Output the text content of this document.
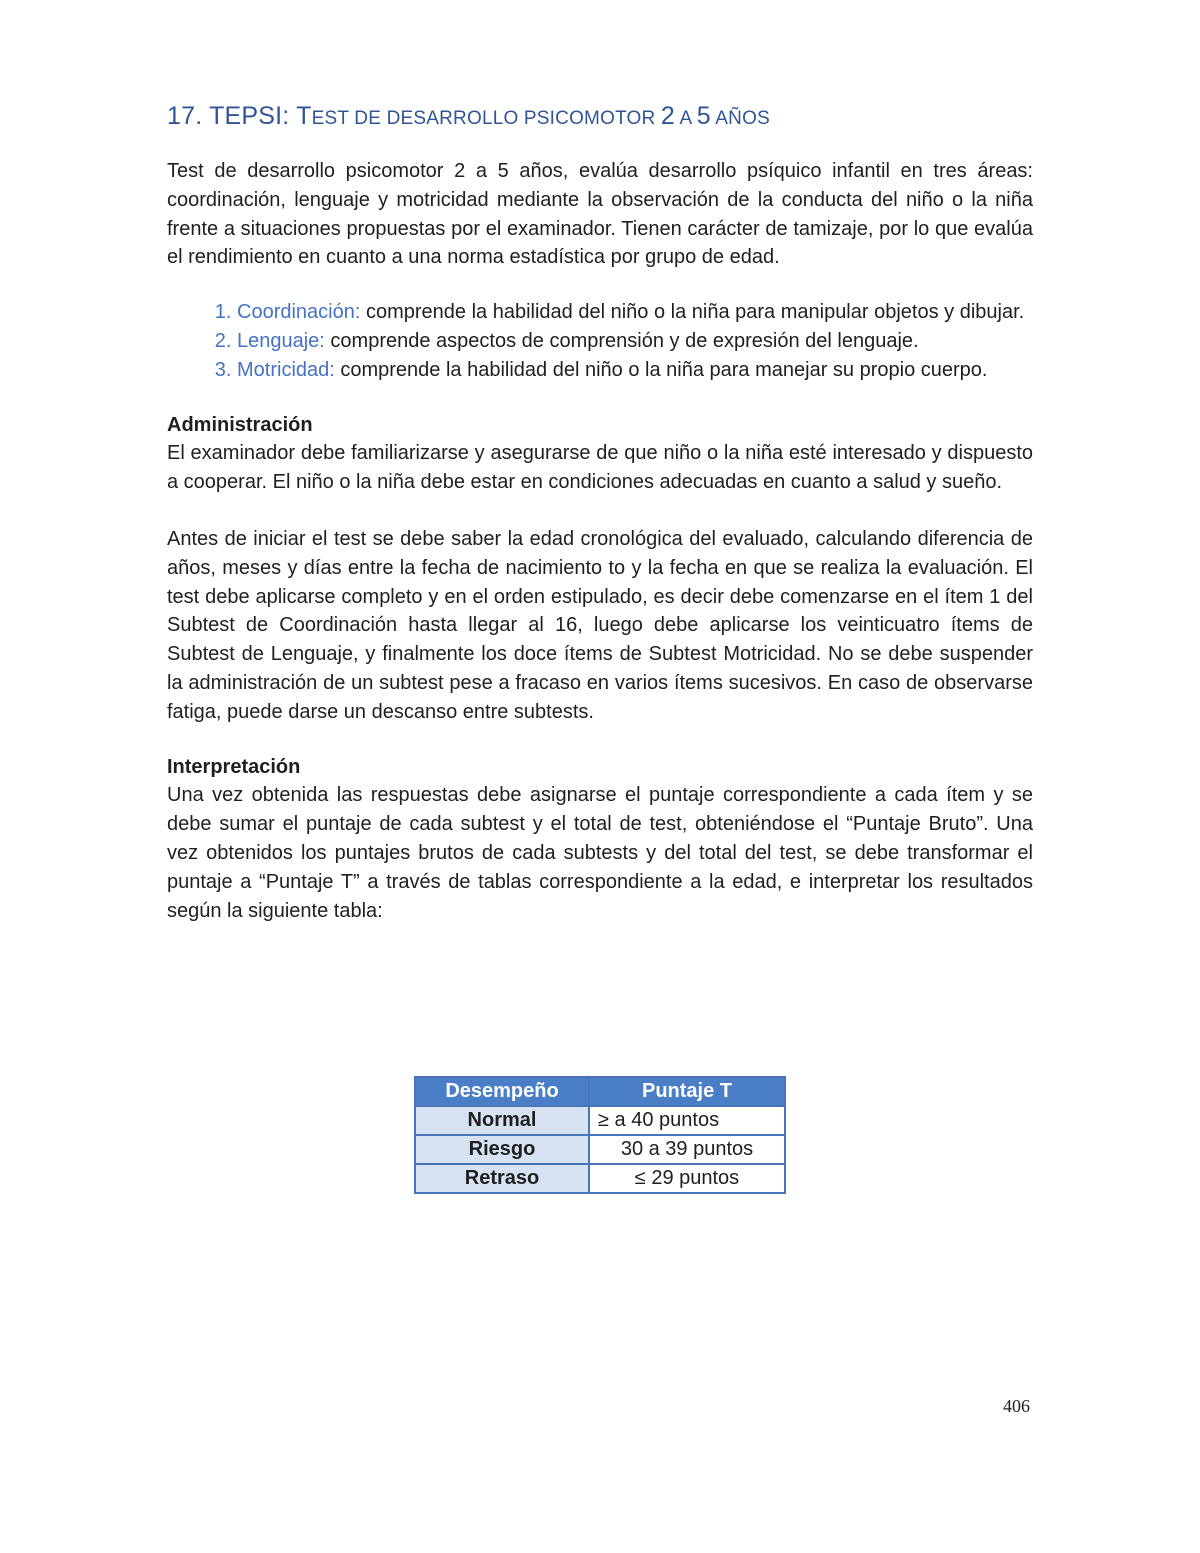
17. TEPSI: TEST DE DESARROLLO PSICOMOTOR 2 A 5 AÑOS

Test de desarrollo psicomotor 2 a 5 años, evalúa desarrollo psíquico infantil en tres áreas: coordinación, lenguaje y motricidad mediante la observación de la conducta del niño o la niña frente a situaciones propuestas por el examinador. Tienen carácter de tamizaje, por lo que evalúa el rendimiento en cuanto a una norma estadística por grupo de edad.

1. Coordinación: comprende la habilidad del niño o la niña para manipular objetos y dibujar.
2. Lenguaje: comprende aspectos de comprensión y de expresión del lenguaje.
3. Motricidad: comprende la habilidad del niño o la niña para manejar su propio cuerpo.
Administración

El examinador debe familiarizarse y asegurarse de que niño o la niña esté interesado y dispuesto a cooperar. El niño o la niña debe estar en condiciones adecuadas en cuanto a salud y sueño.

Antes de iniciar el test se debe saber la edad cronológica del evaluado, calculando diferencia de años, meses y días entre la fecha de nacimiento to y la fecha en que se realiza la evaluación. El test debe aplicarse completo y en el orden estipulado, es decir debe comenzarse en el ítem 1 del Subtest de Coordinación hasta llegar al 16, luego debe aplicarse los veinticuatro ítems de Subtest de Lenguaje, y finalmente los doce ítems de Subtest Motricidad. No se debe suspender la administración de un subtest pese a fracaso en varios ítems sucesivos. En caso de observarse fatiga, puede darse un descanso entre subtests.

Interpretación

Una vez obtenida las respuestas debe asignarse el puntaje correspondiente a cada ítem y se debe sumar el puntaje de cada subtest y el total de test, obteniéndose el “Puntaje Bruto”. Una vez obtenidos los puntajes brutos de cada subtests y del total del test, se debe transformar el puntaje a “Puntaje T” a través de tablas correspondiente a la edad, e interpretar los resultados según la siguiente tabla:

Desempeño	Puntaje T
Normal	≥ a 40 puntos
Riesgo	30 a 39 puntos
Retraso	≤ 29 puntos
406
